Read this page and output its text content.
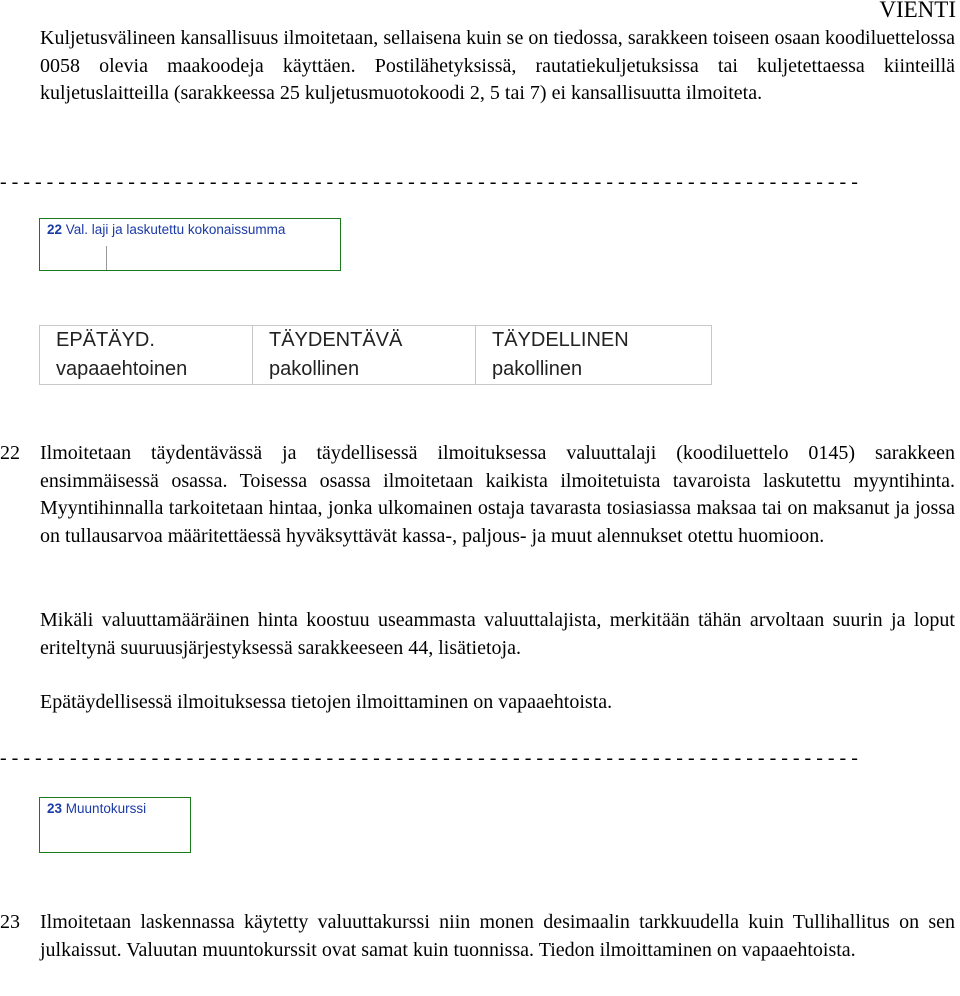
VIENTI

Kuljetusvälineen kansallisuus ilmoitetaan, sellaisena kuin se on tiedossa, sarakkeen toiseen osaan koodiluettelossa 0058 olevia maakoodeja käyttäen. Postilähetyksissä, rautatiekuljetuksissa tai kuljetettaessa kiinteillä kuljetuslaitteilla (sarakkeessa 25 kuljetusmuotokoodi 2, 5 tai 7) ei kansallisuutta ilmoiteta.

- - - - - - - - - - - - - - - - - - - - - - - - - - - - - - - - - - - - - - - - - - - - - - - - - - - - - - - - - - - - - - - - - - - - - - - - - -
22 Val. laji ja laskutettu kokonaissumma
EPÄTÄYD.	TÄYDENTÄVÄ	TÄYDELLINEN
vapaaehtoinen	pakollinen	pakollinen
22 Ilmoitetaan täydentävässä ja täydellisessä ilmoituksessa valuuttalaji (koodiluettelo 0145) sarakkeen ensimmäisessä osassa. Toisessa osassa ilmoitetaan kaikista ilmoitetuista tavaroista laskutettu myyntihinta. Myyntihinnalla tarkoitetaan hintaa, jonka ulkomainen ostaja tavarasta tosiasiassa maksaa tai on maksanut ja jossa on tullausarvoa määritettäessä hyväksyttävät kassa-, paljous- ja muut alennukset otettu huomioon.

Mikäli valuuttamääräinen hinta koostuu useammasta valuuttalajista, merkitään tähän arvoltaan suurin ja loput eriteltynä suuruusjärjestyksessä sarakkeeseen 44, lisätietoja.

Epätäydellisessä ilmoituksessa tietojen ilmoittaminen on vapaaehtoista.

- - - - - - - - - - - - - - - - - - - - - - - - - - - - - - - - - - - - - - - - - - - - - - - - - - - - - - - - - - - - - - - - - - - - - - - - - -
23 Muuntokurssi
23 Ilmoitetaan laskennassa käytetty valuuttakurssi niin monen desimaalin tarkkuudella kuin Tullihallitus on sen julkaissut. Valuutan muuntokurssit ovat samat kuin tuonnissa. Tiedon ilmoittaminen on vapaaehtoista.
